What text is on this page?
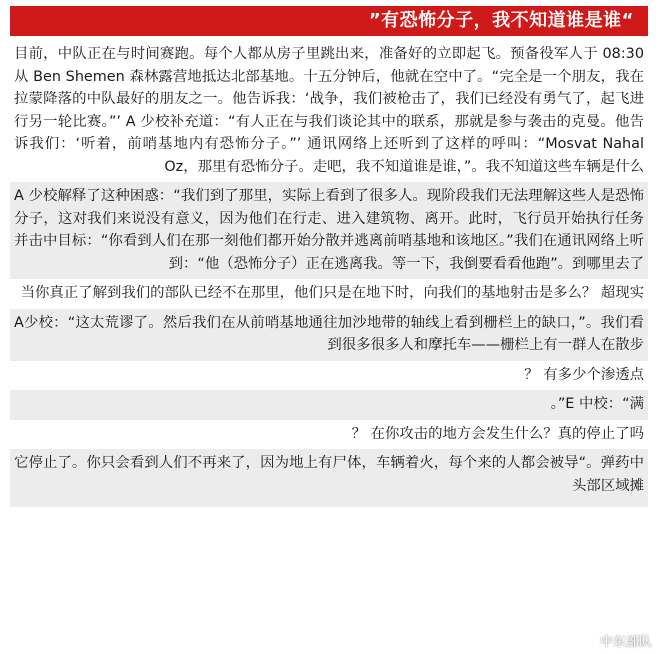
”有恐怖分子，我不知道谁是谁“

目前，中队正在与时间赛跑。每个人都从房子里跳出来，准备好的立即起飞。预备役军人于 08:30 从 Ben Shemen 森林露营地抵达北部基地。十五分钟后，他就在空中了。“完全是一个朋友，我在拉蒙降落的中队最好的朋友之一。他告诉我：‘战争，我们被枪击了，我们已经没有勇气了，起飞进行另一轮比赛。”’ A 少校补充道：“有人正在与我们谈论其中的联系，那就是参与袭击的克曼。他告诉我们：‘听着，前哨基地内有恐怖分子。”’ 通讯网络上还听到了这样的呼叫：“Mosvat Nahal Oz，那里有恐怖分子。走吧，我不知道谁是谁，”。我不知道这些车辆是什么

A 少校解释了这种困惑：“我们到了那里，实际上看到了很多人。现阶段我们无法理解这些人是恐怖分子，这对我们来说没有意义，因为他们在行走、进入建筑物、离开。此时，飞行员开始执行任务并击中目标：“你看到人们在那一刻他们都开始分散并逃离前哨基地和该地区。”我们在通讯网络上听到：“他（恐怖分子）正在逃离我。等一下，我倒要看看他跑”。到哪里去了

当你真正了解到我们的部队已经不在那里，他们只是在地下时，向我们的基地射击是多么？ 超现实

A少校：“这太荒谬了。然后我们在从前哨基地通往加沙地带的轴线上看到栅栏上的缺口，”。我们看到很多很多人和摩托车——栅栏上有一群人在散步

？ 有多少个渗透点

。”E 中校：“满

？ 在你攻击的地方会发生什么？真的停止了吗

它停止了。你只会看到人们不再来了，因为地上有尸体，车辆着火，每个来的人都会被导“。弹药中头部区域摊

中东部队
